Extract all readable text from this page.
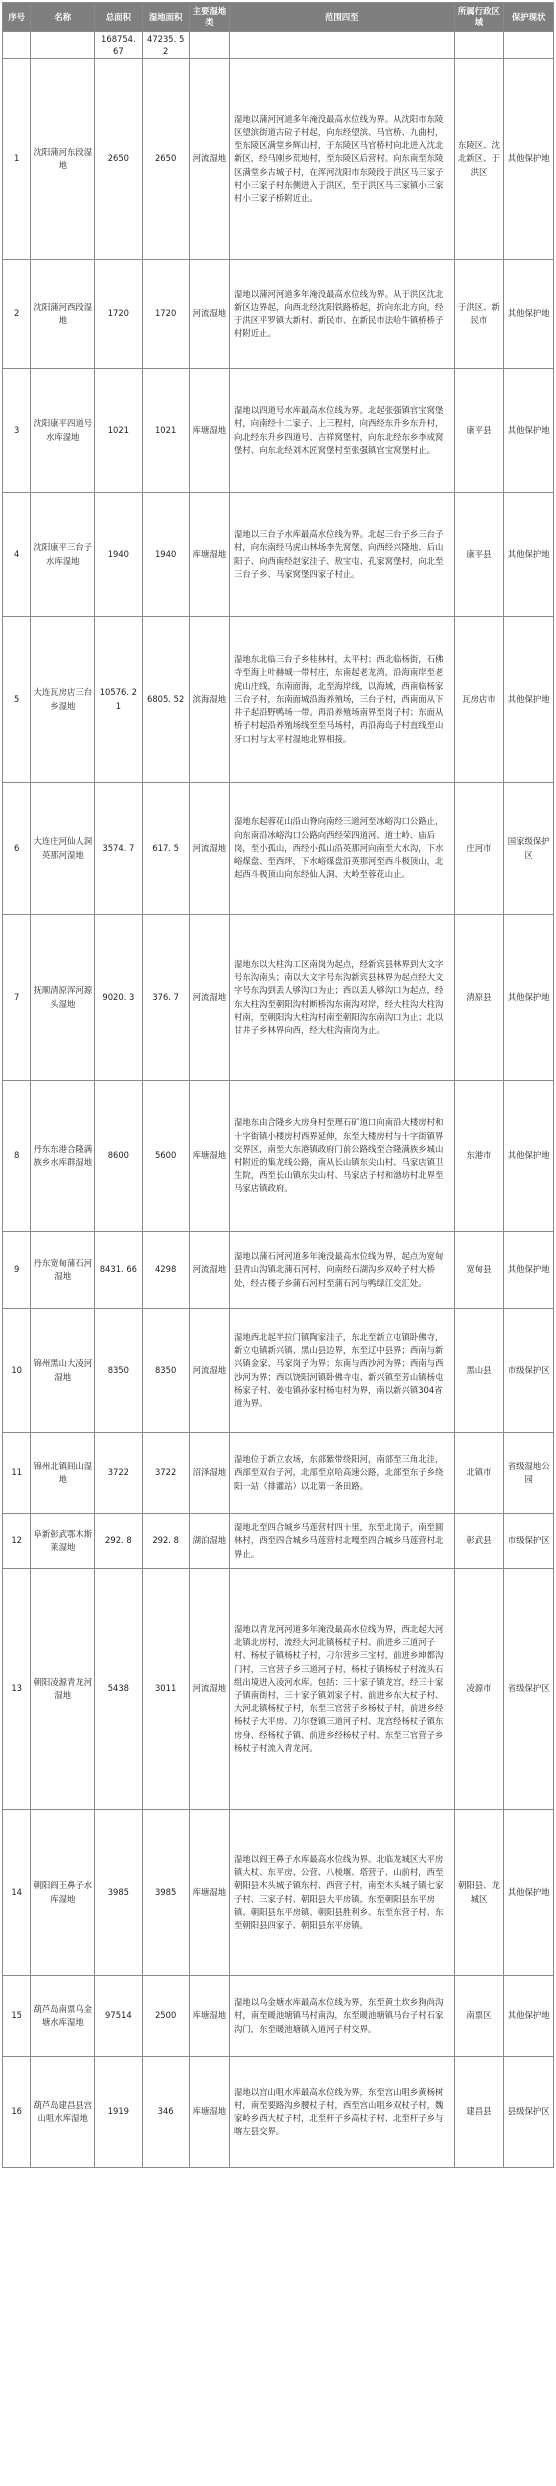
序号	名称	总面积	湿地面积	主要湿地类	范围四至	所属行政区域	保护现状
		168754. 67	47235. 52				
1	沈阳蒲河东段湿地	2650	2650	河流湿地	湿地以蒲河河道多年淹没最高水位线为界。从沈阳市东陵区望滨街道古砬子村起，向东经望滨、马官桥、九曲村，至东陵区满堂乡辉山村，于东陵区马官桥村向北进入沈北新区，经马刚乡荒地村，至东陵区后营村。向东南至东陵区满堂乡古城子村，在浑河沈阳市东陵段于洪区马三家子村小三家子村东侧进入于洪区，至于洪区马三家镇小三家村小三家子桥附近止。	东陵区、沈北新区、于洪区	其他保护地
2	沈阳蒲河西段湿地	1720	1720	河流湿地	湿地以蒲河河道多年淹没最高水位线为界。从于洪区沈北新区边界起，向西北经沈阳铁路桥起，折向东北方向，经于洪区平罗镇大新村、新民市、在新民市法哈牛镇桥桥子村附近止。	于洪区、新民市	其他保护地
3	沈阳康平四道号水库湿地	1021	1021	库塘湿地	湿地以四道号水库最高水位线为界。北起张强镇官宝窝堡村，向南经十二家子、上三程村，向西经东升乡东升村，向北经东升乡四道号、吉祥窝堡村，向东北经东乡李成窝堡村、向东北经刘木匠窝堡村至张强镇官宝窝堡村止。	康平县	其他保护地
4	沈阳康平三台子水库湿地	1940	1940	库塘湿地	湿地以三台子水库最高水位线为界。北起三台子乡三台子村，向东南经马虎山林场李先窝堡、向西经兴隆地、后山阳子、向西南经赵家洼子、敖宝屯、孔家窝堡村，向北至三台子乡、马家窝堡四家子村止。	康平县	其他保护地
5	大连瓦房店三台乡湿地	10576. 21	6805. 52	滨海湿地	湿地东北临三台子乡桂林村，太平村；西北临杨街，石佛寺至海上叶赫城一带村庄，东南起老龙湾，沿海南岸至老虎山庄线，东南面海，北至海岸线，以海域，西南临杨家三台子村，东南面城沿海养殖场，三台子村，西南面从下井子起沿野鸭场一带。再沿养殖场南界至岗子村；东面从桥子村起沿养殖场线至至马场村，再沿海岛子村直线至山牙口村与太平村湿地北界相接。	瓦房店市	其他保护地
6	大连庄河仙人洞英那河湿地	3574. 7	617. 5	河流湿地	湿地东起蓉花山沿山脊向南经三道河至冰峪沟口公路止，向东南沿冰峪沟口公路向西经荣四道河、道士岭、庙后岗，至小孤山，西经小孤山沿英那河向南至大水沟，下水峪煤盘、至西坪，下水峪煤盘沿英那河至西斗极顶山，北起西斗极顶山向东经仙人洞、大岭至蓉花山止。	庄河市	国家级保护区
7	抚顺清原浑河源头湿地	9020. 3	376. 7	河流湿地	湿地东以大柱沟工区南岗为起点，经新宾县林界到大文字号东沟南头；南以大文字号东沟新宾县林界为起点经大文字号东沟到丢人够沟口为止；西以丢人够沟口为起点，经东大柱沟至朝阳沟村断桥沟东南沟对岸，经大柱沟大柱沟村南，至朝阳沟大柱沟村南至朝阳沟东南沟口为止；北以甘井子乡林界向西，经大柱沟南岗为止。	清原县	其他保护地
8	丹东东港合隆满族乡水库群湿地	8600	5600	库塘湿地	湿地东由合隆乡大房身村至理石矿道口向南沿大楼房村和十字街镇小楼房村西界延伸，东至大楼房村与十字街镇界交界区，南至大东港镇政府门前公路线至合隆满族乡城山村附近的集龙线公路，南从长山镇东尖山村、马家店镇卫生院，西至长山镇东尖山村、马家店子村和渤坊村北界至马家店镇政府。	东港市	其他保护地
9	丹东宽甸蒲石河湿地	8431. 66	4298	河流湿地	湿地以蒲石河河道多年淹没最高水位线为界，起点为宽甸县青山沟镇北蒲石河村，向南经石湖沟乡双岭子村大桥处，经古楼子乡蒲石河村至蒲石河与鸭绿江交汇处。	宽甸县	其他保护地
10	锦州黑山大凌河湿地	8350	8350	河流湿地	湿地西北起半拉门镇陶家洼子，东北至新立屯镇卧佛寺，新立屯镇新兴镇、黑山县边界，东至辽中县界；西南与新兴镇金家、马家岗子为界；东南与西沙河为界；西南与西沙河为界；西以饶阳河镇卧佛寺屯、新兴镇至芳山镇杨屯杨家子村、姜屯镇孙家村杨屯村为界，南以新兴镇304省道为界。	黑山县	市级保护区
11	锦州北镇闾山湿地	3722	3722	沼泽湿地	湿地位于新立农场，东部紫带绕阳河，南部至三角北洼，西部至双台子河，北部至京哈高速公路，北部至东子乡绕阳一站（排灌站）以北第一条田路。	北镇市	省级湿地公园
12	阜新彰武鄂木斯莱湿地	292. 8	292. 8	湖泊湿地	湿地北至四合城乡马莲营村四十里，东至北岗子，南至圆林村，西至四合城乡马莲营村北嘎至四合城乡马莲营村北界止。	彰武县	市级保护区
13	朝阳凌源青龙河湿地	5438	3011	河流湿地	湿地以青龙河河道多年淹没最高水位线为界，西北起大河北镇北房村，流经大河北镇杨杖子村、前进乡三道河子村、杨杖子镇杨杖子村，刁尔营乡三宝村，前进乡坤都沟门村，三官营子乡三道河子村，杨杖子镇杨杖子村流头石组出境进入凌河水库。包括：三十家子镇龙宫，经三十家子镇南街村，三十家子镇刘家子村、前进乡东大杖子村、大河北镇杨杖子村，东至三官营子乡杨杖子村，前进乡经杨杖子大平房、刀尔登镇三道河子村、龙宫经杨杖子镇东房身、经杨杖子镇、前进乡经杨杖子村、东至三官营子乡杨杖子村流入青龙河。	凌源市	省级保护区
14	朝阳阎王鼻子水库湿地	3985	3985	库塘湿地	湿地以阎王鼻子水库最高水位线为界。北临龙城区大平房镇大杖、东平房、公营、八棱堰、塔营子、山前村，西至朝阳县木头城子镇东村、西营子村，南至木头城子镇七家子村、三家子村、朝阳县大平房镇。东至朝阳县东平房镇、朝阳县东平房镇、朝阳县胜利乡、东至东营子村、东至朝阳县四家子、朝阳县东平房镇。	朝阳县、龙城区	其他保护地
15	葫芦岛南票乌金塘水库湿地	97514	2500	库塘湿地	湿地以乌金塘水库最高水位线为界，东至黄土坎乡狗尚沟村，南至暖池塘镇马村南沟，东至暖池塘镇马台子村石家沟门，东至暖池塘镇入道河子村交界。	南票区	其他保护地
16	葫芦岛建昌县宫山咀水库湿地	1919	346	库塘湿地	湿地以宫山咀水库最高水位线为界，东至宫山咀乡黄杨树村，南至要路沟乡腰杖子村，西至宫山咀乡双杖子村，魏家岭乡西大杖子村，北至杆子乡高杖子村、北至杆子乡与喀左县交界。	建昌县	县级保护区
